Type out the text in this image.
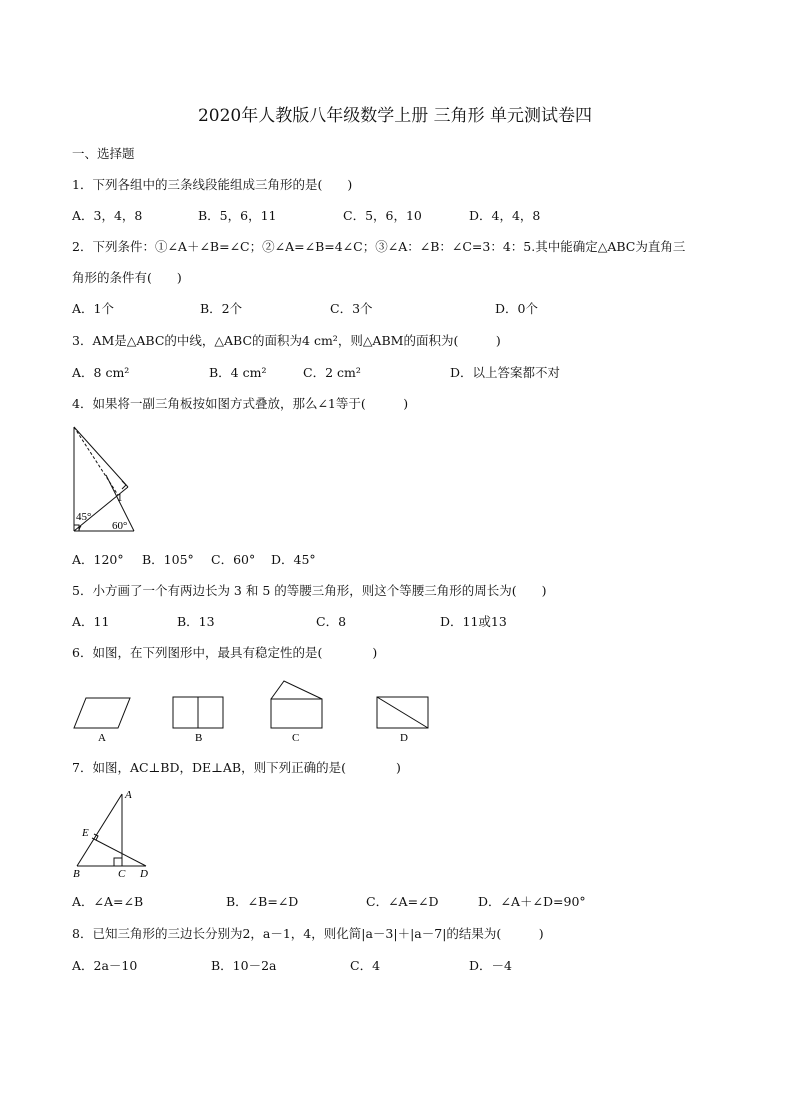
2020年人教版八年级数学上册 三角形 单元测试卷四
一、选择题
1．下列各组中的三条线段能组成三角形的是(　　)
A．3，4，8	B．5，6，11	C．5，6，10	D．4，4，8
2．下列条件：①∠A＋∠B=∠C；②∠A=∠B=4∠C；③∠A：∠B：∠C=3：4：5.其中能确定△ABC为直角三
角形的条件有(　　)
A．1个	B．2个	C．3个	D．0个
3．AM是△ABC的中线，△ABC的面积为4 cm²，则△ABM的面积为(　　　)
A．8 cm²	B．4 cm²	C．2 cm²	D．以上答案都不对
4．如果将一副三角板按如图方式叠放，那么∠1等于(　　　)
1
45°
60°
A．120° B．105° C．60° D．45°
5．小方画了一个有两边长为 3 和 5 的等腰三角形，则这个等腰三角形的周长为(　　)
A．11	B．13	C．8	D．11或13
6．如图，在下列图形中，最具有稳定性的是(　　　　)
A	B	C	D
7．如图，AC⊥BD，DE⊥AB，则下列正确的是(　　　　)
A
E
B	C D
A．∠A=∠B	B．∠B=∠D	C．∠A=∠D	D．∠A＋∠D=90°
8．已知三角形的三边长分别为2，a－1，4，则化简|a－3|＋|a－7|的结果为(　　　)
A．2a－10	B．10－2a	C．4	D．－4
